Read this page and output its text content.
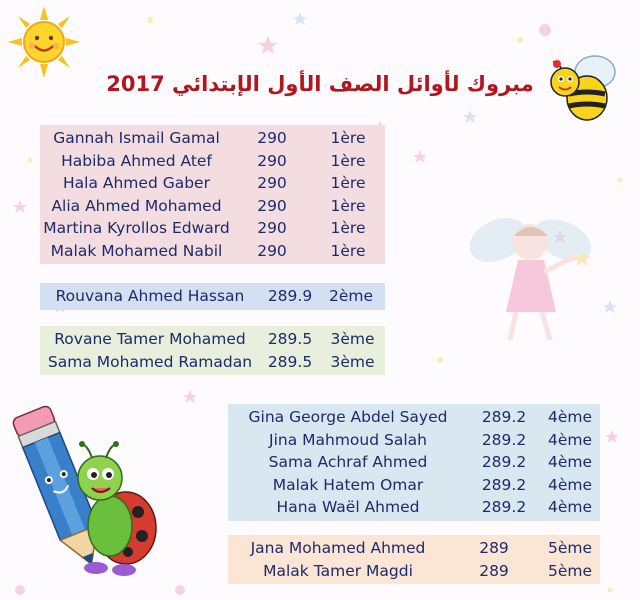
مبروك لأوائل الصف الأول الإبتدائي 2017
Gannah Ismail Gamal	290	1ère
Habiba Ahmed Atef	290	1ère
Hala Ahmed Gaber	290	1ère
Alia Ahmed Mohamed	290	1ère
Martina Kyrollos Edward	290	1ère
Malak Mohamed Nabil	290	1ère
Rouvana Ahmed Hassan	289.9	2ème
Rovane Tamer Mohamed	289.5	3ème
Sama Mohamed Ramadan	289.5	3ème
Gina George Abdel Sayed	289.2	4ème
Jina Mahmoud Salah	289.2	4ème
Sama Achraf Ahmed	289.2	4ème
Malak Hatem Omar	289.2	4ème
Hana Waël Ahmed	289.2	4ème
Jana Mohamed Ahmed	289	5ème
Malak Tamer Magdi	289	5ème
